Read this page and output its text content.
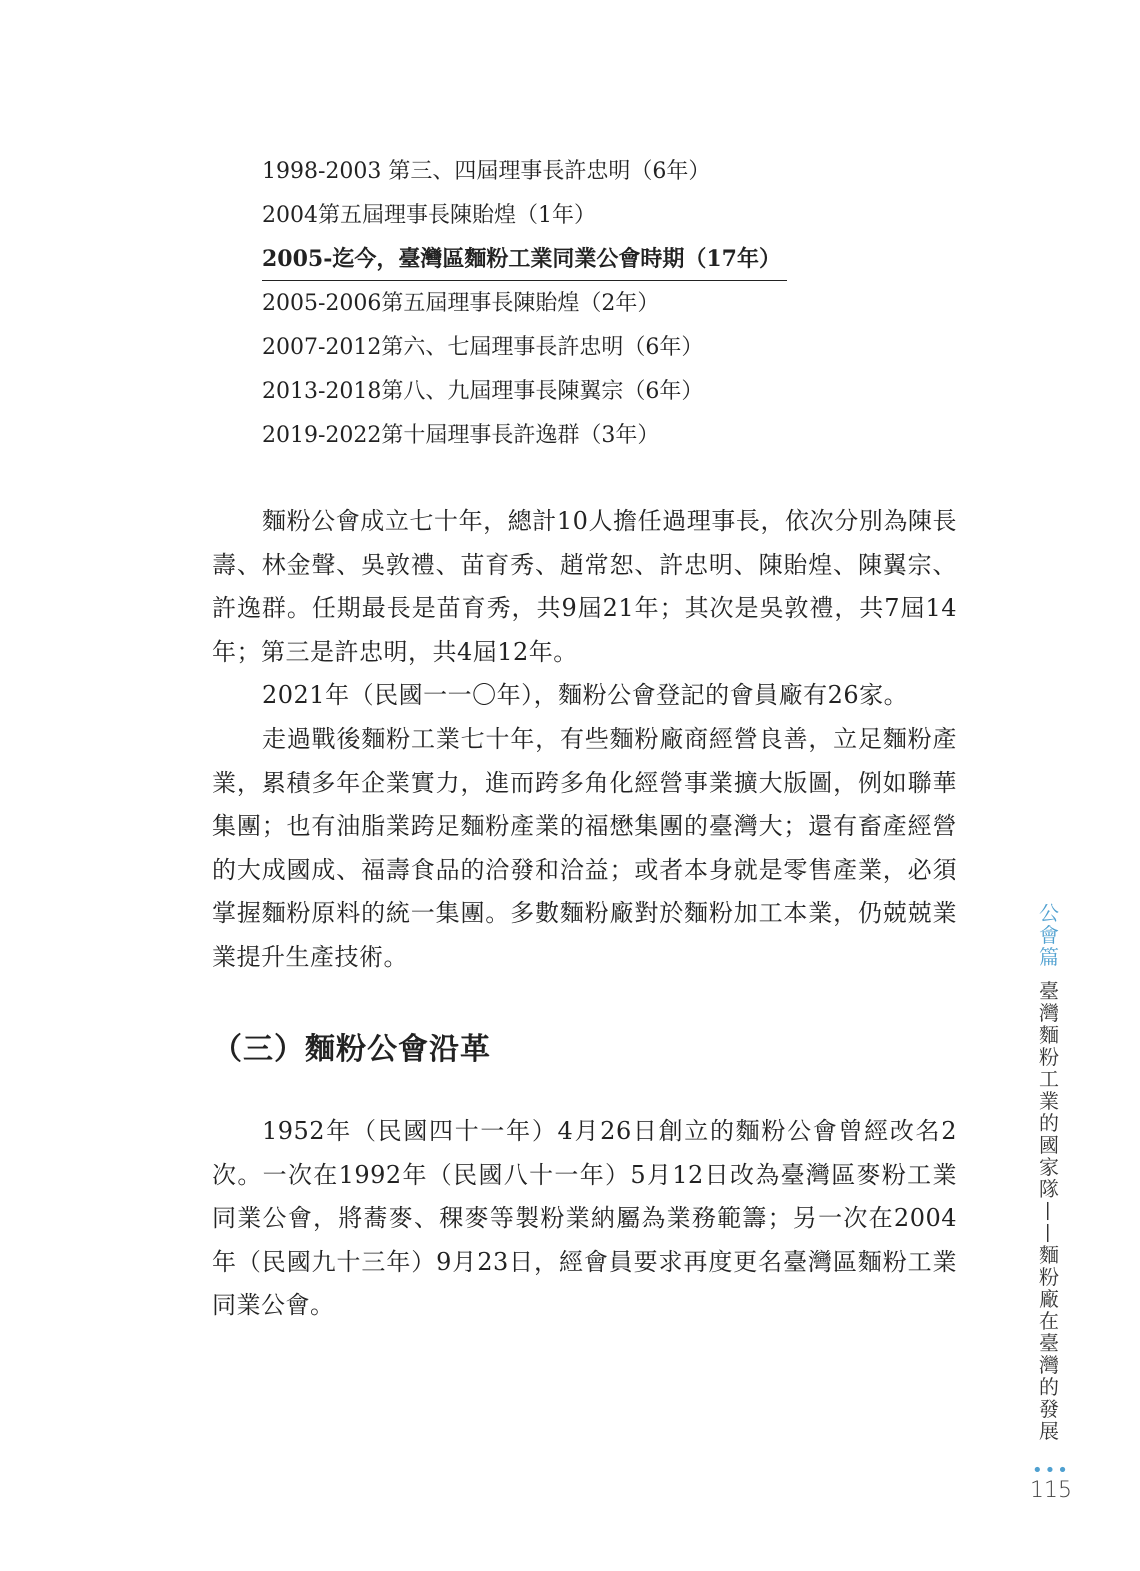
1998-2003 第三、四屆理事長許忠明（6年）
2004第五屆理事長陳貽煌（1年）
2005-迄今，臺灣區麵粉工業同業公會時期（17年）
2005-2006第五屆理事長陳貽煌（2年）
2007-2012第六、七屆理事長許忠明（6年）
2013-2018第八、九屆理事長陳翼宗（6年）
2019-2022第十屆理事長許逸群（3年）

麵粉公會成立七十年，總計10人擔任過理事長，依次分別為陳長壽、林金聲、吳敦禮、苗育秀、趙常恕、許忠明、陳貽煌、陳翼宗、許逸群。任期最長是苗育秀，共9屆21年；其次是吳敦禮，共7屆14年；第三是許忠明，共4屆12年。

2021年（民國一一〇年），麵粉公會登記的會員廠有26家。

走過戰後麵粉工業七十年，有些麵粉廠商經營良善，立足麵粉產業，累積多年企業實力，進而跨多角化經營事業擴大版圖，例如聯華集團；也有油脂業跨足麵粉產業的福懋集團的臺灣大；還有畜產經營的大成國成、福壽食品的洽發和洽益；或者本身就是零售產業，必須掌握麵粉原料的統一集團。多數麵粉廠對於麵粉加工本業，仍兢兢業業提升生產技術。

（三）麵粉公會沿革

1952年（民國四十一年）4月26日創立的麵粉公會曾經改名2次。一次在1992年（民國八十一年）5月12日改為臺灣區麥粉工業同業公會，將蕎麥、稞麥等製粉業納屬為業務範籌；另一次在2004年（民國九十三年）9月23日，經會員要求再度更名臺灣區麵粉工業同業公會。

公
會
篇
臺
灣
麵
粉
工
業
的
國
家
隊
—
—
麵
粉
廠
在
臺
灣
的
發
展
•••
115
